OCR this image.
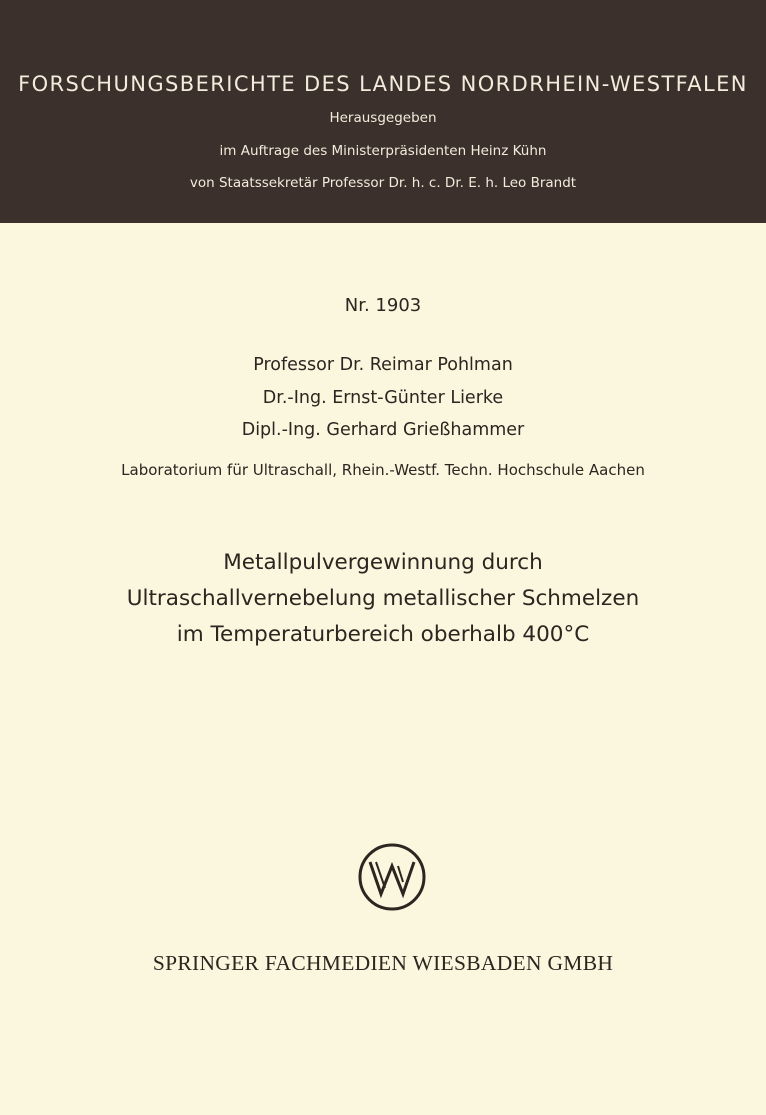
FORSCHUNGSBERICHTE DES LANDES NORDRHEIN-WESTFALEN
Herausgegeben
im Auftrage des Ministerpräsidenten Heinz Kühn
von Staatssekretär Professor Dr. h. c. Dr. E. h. Leo Brandt
Nr. 1903
Professor Dr. Reimar Pohlman
Dr.-Ing. Ernst-Günter Lierke
Dipl.-Ing. Gerhard Grießhammer
Laboratorium für Ultraschall, Rhein.-Westf. Techn. Hochschule Aachen
Metallpulvergewinnung durch
Ultraschallvernebelung metallischer Schmelzen
im Temperaturbereich oberhalb 400°C
SPRINGER FACHMEDIEN WIESBADEN GMBH
